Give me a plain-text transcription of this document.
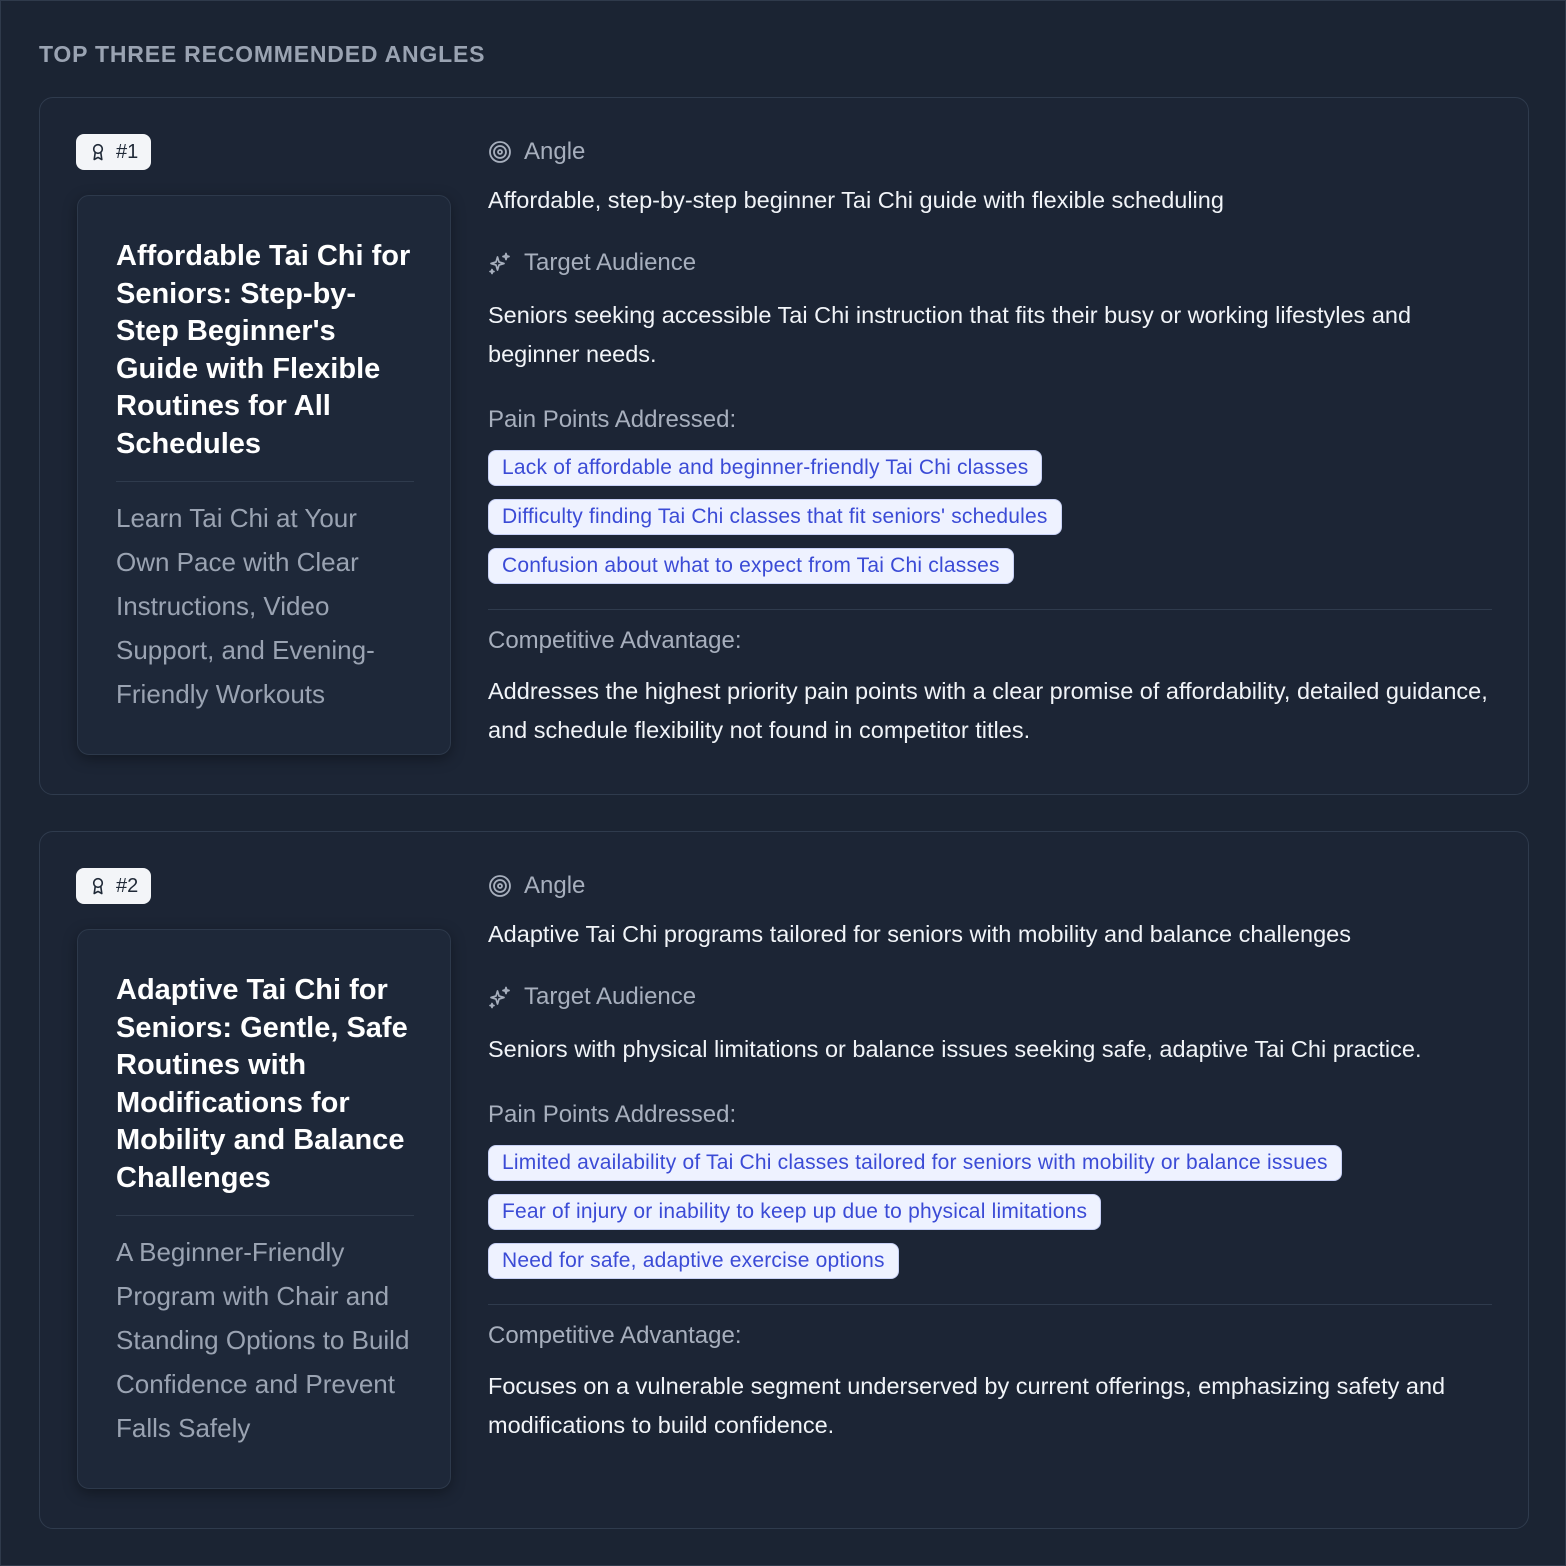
TOP THREE RECOMMENDED ANGLES
#1
Affordable Tai Chi for Seniors: Step-by-Step Beginner's Guide with Flexible Routines for All Schedules

Learn Tai Chi at Your Own Pace with Clear Instructions, Video Support, and Evening-Friendly Workouts

Angle

Affordable, step-by-step beginner Tai Chi guide with flexible scheduling

Target Audience

Seniors seeking accessible Tai Chi instruction that fits their busy or working lifestyles and beginner needs.

Pain Points Addressed:
Lack of affordable and beginner-friendly Tai Chi classes
Difficulty finding Tai Chi classes that fit seniors' schedules
Confusion about what to expect from Tai Chi classes
Competitive Advantage:

Addresses the highest priority pain points with a clear promise of affordability, detailed guidance, and schedule flexibility not found in competitor titles.

#2
Adaptive Tai Chi for Seniors: Gentle, Safe Routines with Modifications for Mobility and Balance Challenges

A Beginner-Friendly Program with Chair and Standing Options to Build Confidence and Prevent Falls Safely

Angle

Adaptive Tai Chi programs tailored for seniors with mobility and balance challenges

Target Audience

Seniors with physical limitations or balance issues seeking safe, adaptive Tai Chi practice.

Pain Points Addressed:
Limited availability of Tai Chi classes tailored for seniors with mobility or balance issues
Fear of injury or inability to keep up due to physical limitations
Need for safe, adaptive exercise options
Competitive Advantage:

Focuses on a vulnerable segment underserved by current offerings, emphasizing safety and modifications to build confidence.
